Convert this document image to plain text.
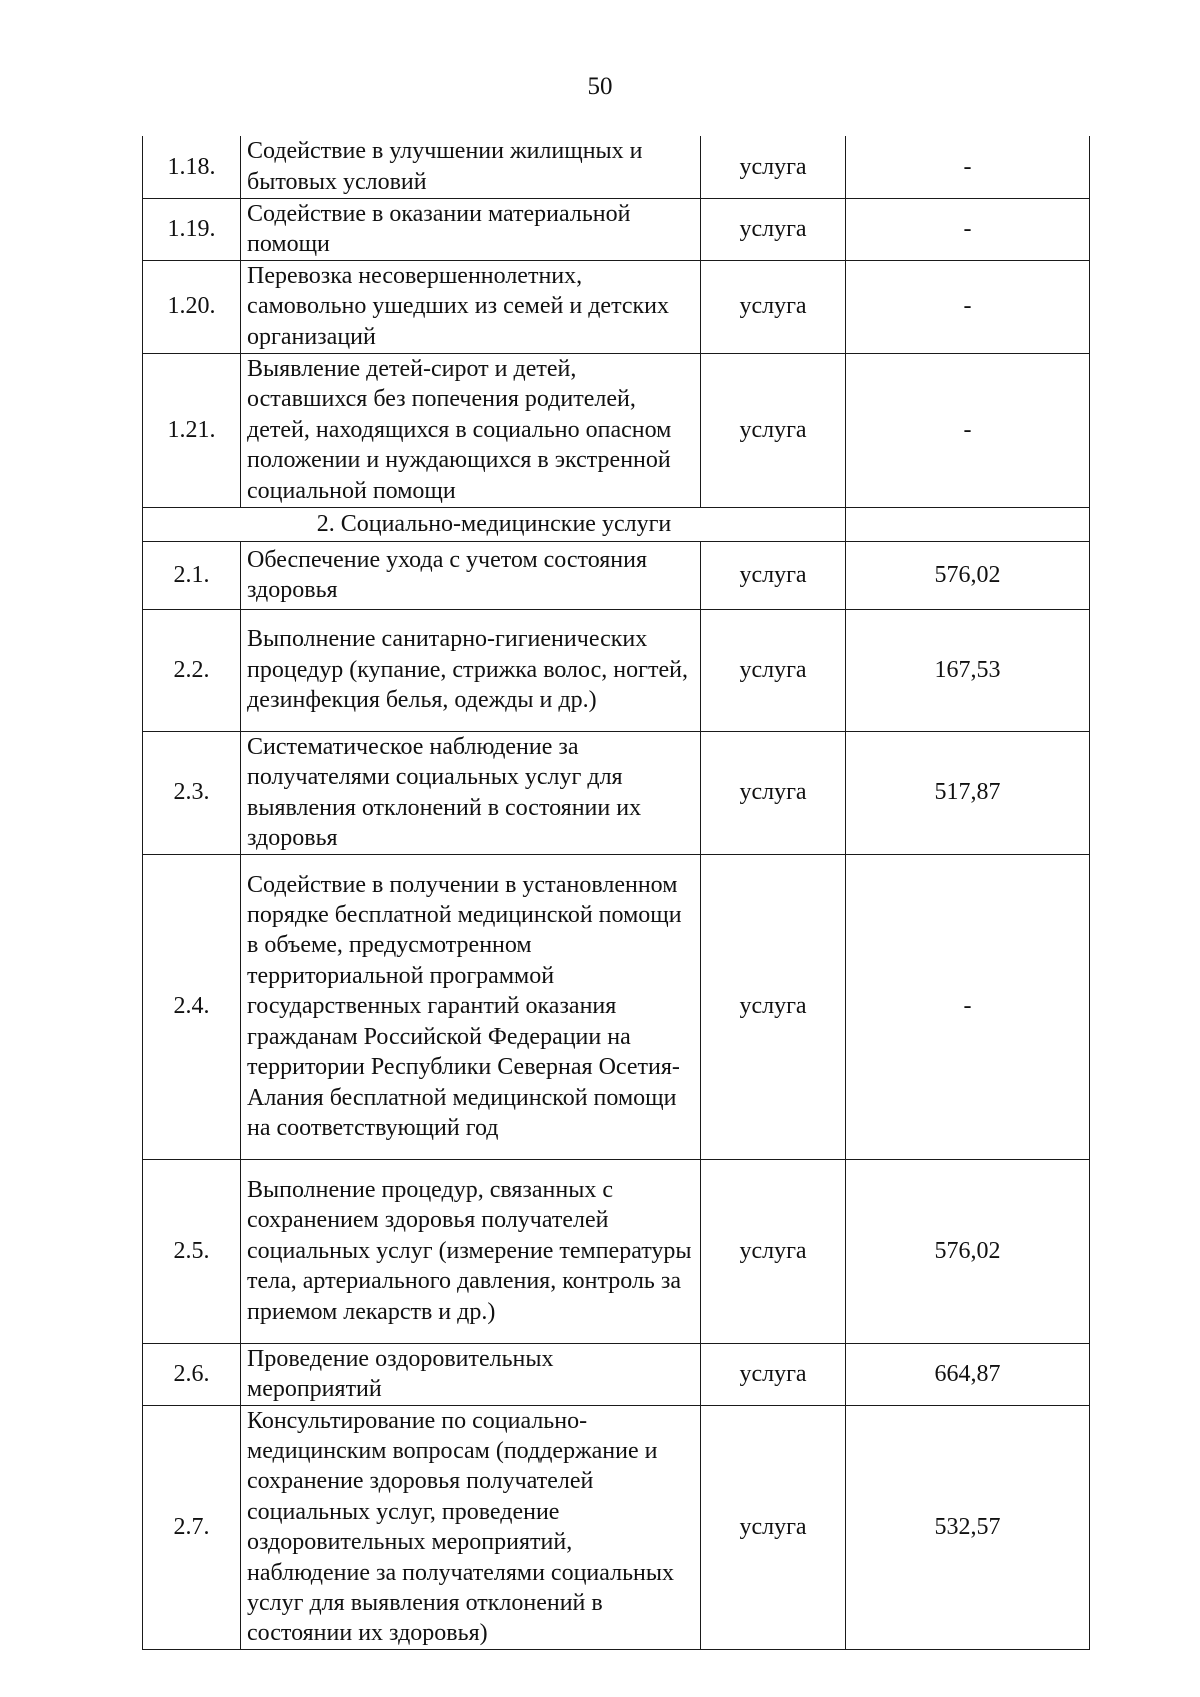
50
1.18.	Содействие в улучшении жилищных и бытовых условий	услуга	-
1.19.	Содействие в оказании материальной помощи	услуга	-
1.20.	Перевозка несовершеннолетних, самовольно ушедших из семей и детских организаций	услуга	-
1.21.	Выявление детей-сирот и детей, оставшихся без попечения родителей, детей, находящихся в социально опасном положении и нуждающихся в экстренной социальной помощи	услуга	-
2. Социально-медицинские услуги			
2.1.	Обеспечение ухода с учетом состояния здоровья	услуга	576,02
2.2.	Выполнение санитарно-гигиенических процедур (купание, стрижка волос, ногтей, дезинфекция белья, одежды и др.)	услуга	167,53
2.3.	Систематическое наблюдение за получателями социальных услуг для выявления отклонений в состоянии их здоровья	услуга	517,87
2.4.	Содействие в получении в установленном порядке бесплатной медицинской помощи в объеме, предусмотренном территориальной программой государственных гарантий оказания гражданам Российской Федерации на территории Республики Северная Осетия-Алания бесплатной медицинской помощи на соответствующий год	услуга	-
2.5.	Выполнение процедур, связанных с сохранением здоровья получателей социальных услуг (измерение температуры тела, артериального давления, контроль за приемом лекарств и др.)	услуга	576,02
2.6.	Проведение оздоровительных мероприятий	услуга	664,87
2.7.	Консультирование по социально-медицинским вопросам (поддержание и сохранение здоровья получателей социальных услуг, проведение оздоровительных мероприятий, наблюдение за получателями социальных услуг для выявления отклонений в состоянии их здоровья)	услуга	532,57
